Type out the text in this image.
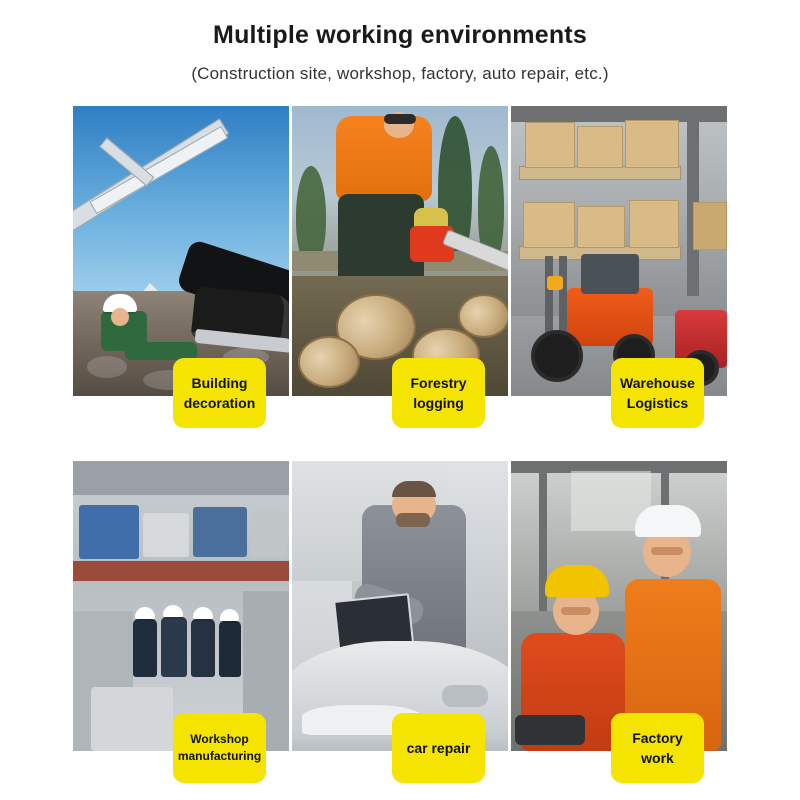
Multiple working environments

(Construction site, workshop, factory, auto repair, etc.)

Building
decoration
Forestry
logging
Warehouse
Logistics
Workshop
manufacturing
car repair
Factory
work
